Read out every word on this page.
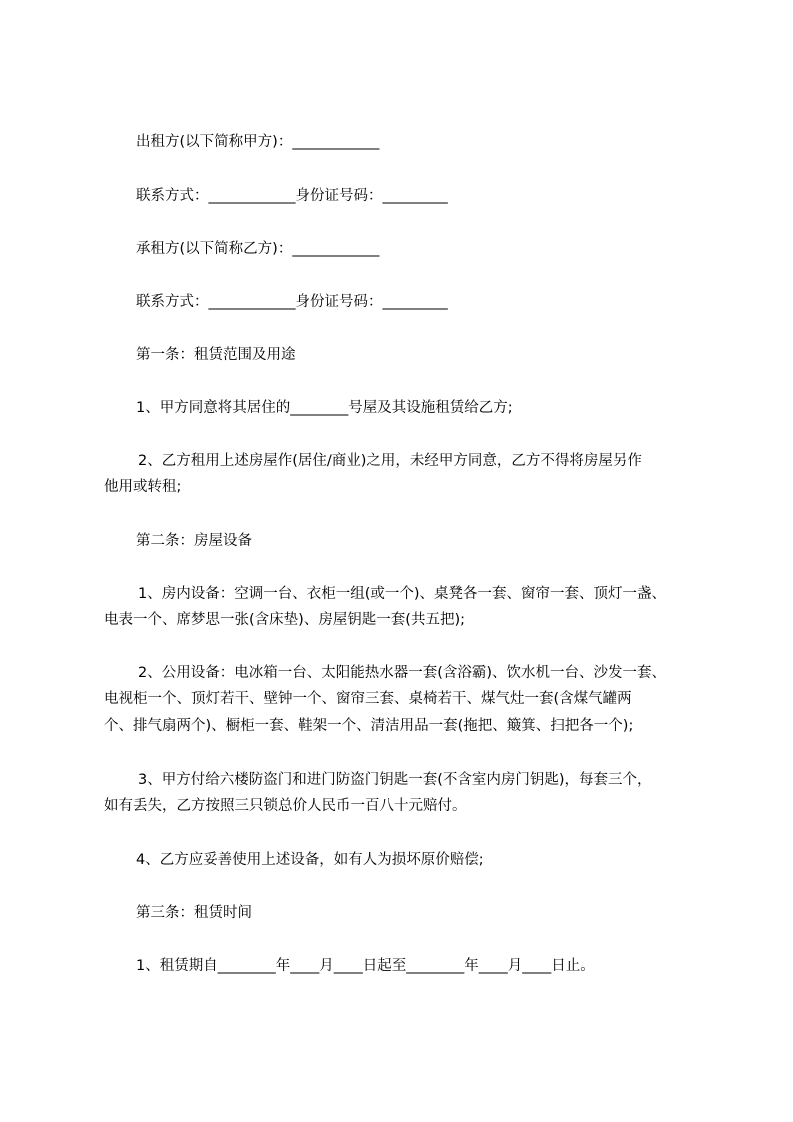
出租方(以下简称甲方)：____________
联系方式：____________身份证号码：_________
承租方(以下简称乙方)：____________
联系方式：____________身份证号码：_________
第一条：租赁范围及用途
1、甲方同意将其居住的________号屋及其设施租赁给乙方;
2、乙方租用上述房屋作(居住/商业)之用，未经甲方同意，乙方不得将房屋另作
他用或转租;
第二条：房屋设备
1、房内设备：空调一台、衣柜一组(或一个)、桌凳各一套、窗帘一套、顶灯一盏、
电表一个、席梦思一张(含床垫)、房屋钥匙一套(共五把);
2、公用设备：电冰箱一台、太阳能热水器一套(含浴霸)、饮水机一台、沙发一套、
电视柜一个、顶灯若干、壁钟一个、窗帘三套、桌椅若干、煤气灶一套(含煤气罐两
个、排气扇两个)、橱柜一套、鞋架一个、清洁用品一套(拖把、簸箕、扫把各一个);
3、甲方付给六楼防盗门和进门防盗门钥匙一套(不含室内房门钥匙)，每套三个，
如有丢失，乙方按照三只锁总价人民币一百八十元赔付。
4、乙方应妥善使用上述设备，如有人为损坏原价赔偿;
第三条：租赁时间
1、租赁期自________年____月____日起至________年____月____日止。
